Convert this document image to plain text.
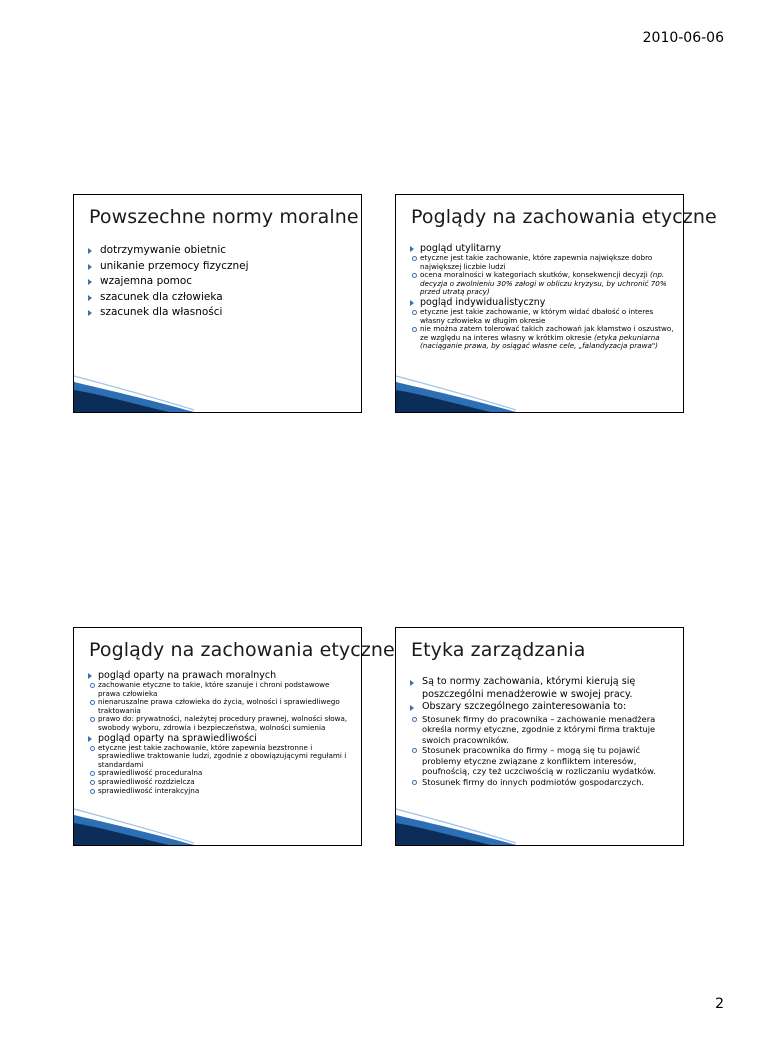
2010-06-06
Powszechne normy moralne
dotrzymywanie obietnic
unikanie przemocy fizycznej
wzajemna pomoc
szacunek dla człowieka
szacunek dla własności
Poglądy na zachowania etyczne
pogląd utylitarny
etyczne jest takie zachowanie, które zapewnia największe dobro największej liczbie ludzi
ocena moralności w kategoriach skutków, konsekwencji decyzji (np. decyzja o zwolnieniu 30% załogi w obliczu kryzysu, by uchronić 70% przed utratą pracy)
pogląd indywidualistyczny
etyczne jest takie zachowanie, w którym widać dbałość o interes własny człowieka w długim okresie
nie można zatem tolerować takich zachowań jak kłamstwo i oszustwo, ze względu na interes własny w krótkim okresie (etyka pekuniarna (naciąganie prawa, by osiągać własne cele, „falandyzacja prawa")
Poglądy na zachowania etyczne
pogląd oparty na prawach moralnych
zachowanie etyczne to takie, które szanuje i chroni podstawowe prawa człowieka
nienaruszalne prawa człowieka do życia, wolności i sprawiedliwego traktowania
prawo do: prywatności, należytej procedury prawnej, wolności słowa, swobody wyboru, zdrowia i bezpieczeństwa, wolności sumienia
pogląd oparty na sprawiedliwości
etyczne jest takie zachowanie, które zapewnia bezstronne i sprawiedliwe traktowanie ludzi, zgodnie z obowiązującymi regułami i standardami
sprawiedliwość proceduralna
sprawiedliwość rozdzielcza
sprawiedliwość interakcyjna
Etyka zarządzania
Są to normy zachowania, którymi kierują się poszczególni menadżerowie w swojej pracy.
Obszary szczególnego zainteresowania to:
Stosunek firmy do pracownika – zachowanie menadżera określa normy etyczne, zgodnie z którymi firma traktuje swoich pracowników.
Stosunek pracownika do firmy – mogą się tu pojawić problemy etyczne związane z konfliktem interesów, poufnością, czy też uczciwością w rozliczaniu wydatków.
Stosunek firmy do innych podmiotów gospodarczych.
2
